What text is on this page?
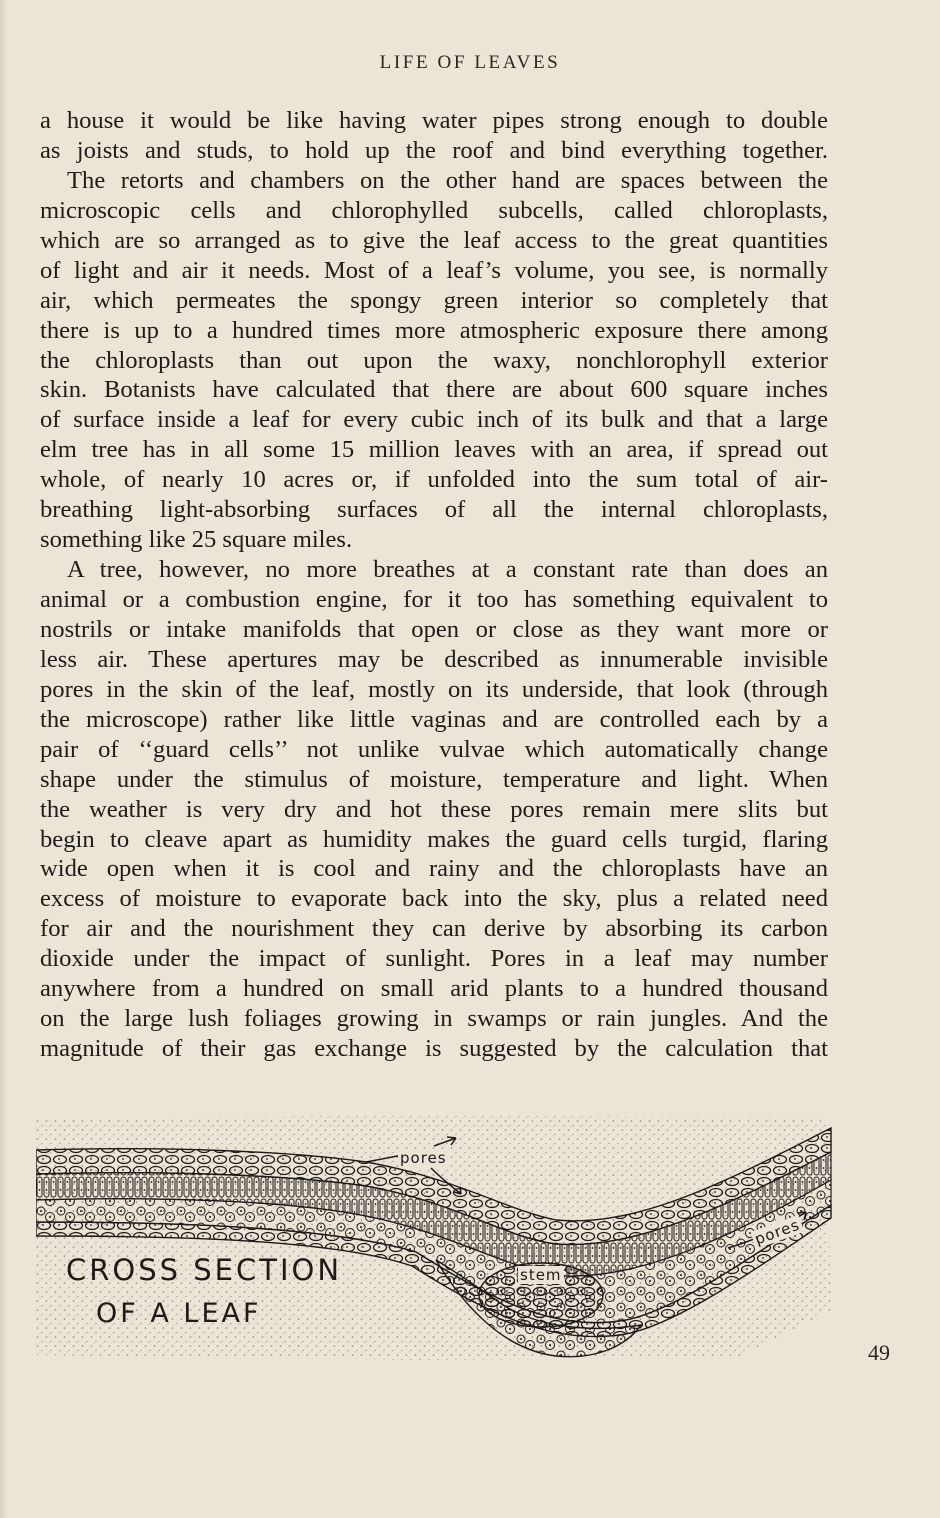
LIFE OF LEAVES
a house it would be like having water pipes strong enough to double
as joists and studs, to hold up the roof and bind everything together.
The retorts and chambers on the other hand are spaces between the
microscopic cells and chlorophylled subcells, called chloroplasts,
which are so arranged as to give the leaf access to the great quantities
of light and air it needs. Most of a leaf’s volume, you see, is normally
air, which permeates the spongy green interior so completely that
there is up to a hundred times more atmospheric exposure there among
the chloroplasts than out upon the waxy, nonchlorophyll exterior
skin. Botanists have calculated that there are about 600 square inches
of surface inside a leaf for every cubic inch of its bulk and that a large
elm tree has in all some 15 million leaves with an area, if spread out
whole, of nearly 10 acres or, if unfolded into the sum total of air-
breathing light-absorbing surfaces of all the internal chloroplasts,
something like 25 square miles.
A tree, however, no more breathes at a constant rate than does an
animal or a combustion engine, for it too has something equivalent to
nostrils or intake manifolds that open or close as they want more or
less air. These apertures may be described as innumerable invisible
pores in the skin of the leaf, mostly on its underside, that look (through
the microscope) rather like little vaginas and are controlled each by a
pair of ‘‘guard cells’’ not unlike vulvae which automatically change
shape under the stimulus of moisture, temperature and light. When
the weather is very dry and hot these pores remain mere slits but
begin to cleave apart as humidity makes the guard cells turgid, flaring
wide open when it is cool and rainy and the chloroplasts have an
excess of moisture to evaporate back into the sky, plus a related need
for air and the nourishment they can derive by absorbing its carbon
dioxide under the impact of sunlight. Pores in a leaf may number
anywhere from a hundred on small arid plants to a hundred thousand
on the large lush foliages growing in swamps or rain jungles. And the
magnitude of their gas exchange is suggested by the calculation that
pores
pores
stem
CROSS SECTION
OF A LEAF
49
